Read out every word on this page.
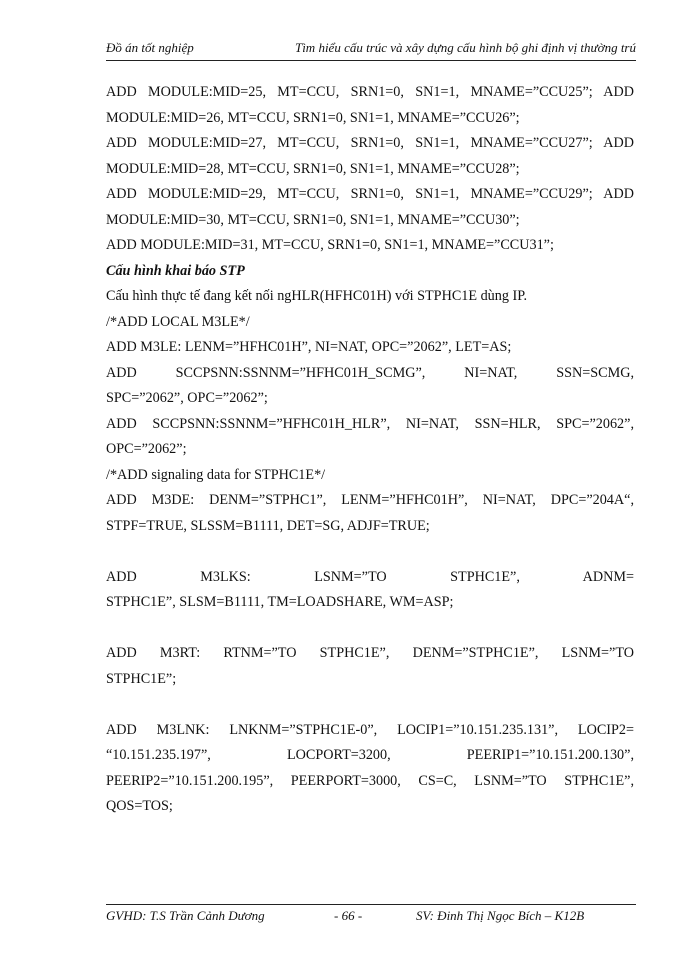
Đồ án tốt nghiệp	Tìm hiểu cấu trúc và xây dựng cấu hình bộ ghi định vị thường trú
ADD MODULE:MID=25, MT=CCU, SRN1=0, SN1=1, MNAME=”CCU25”; ADD
MODULE:MID=26, MT=CCU, SRN1=0, SN1=1, MNAME=”CCU26”;
ADD MODULE:MID=27, MT=CCU, SRN1=0, SN1=1, MNAME=”CCU27”; ADD
MODULE:MID=28, MT=CCU, SRN1=0, SN1=1, MNAME=”CCU28”;
ADD MODULE:MID=29, MT=CCU, SRN1=0, SN1=1, MNAME=”CCU29”; ADD
MODULE:MID=30, MT=CCU, SRN1=0, SN1=1, MNAME=”CCU30”;
ADD MODULE:MID=31, MT=CCU, SRN1=0, SN1=1, MNAME=”CCU31”;
Cấu hình khai báo STP
Cấu hình thực tế đang kết nối ngHLR(HFHC01H) với STPHC1E dùng IP.
/*ADD LOCAL M3LE*/
ADD M3LE: LENM=”HFHC01H”, NI=NAT, OPC=”2062”, LET=AS;
ADD SCCPSNN:SSNNM=”HFHC01H_SCMG”, NI=NAT, SSN=SCMG,
SPC=”2062”, OPC=”2062”;
ADD SCCPSNN:SSNNM=”HFHC01H_HLR”, NI=NAT, SSN=HLR, SPC=”2062”,
OPC=”2062”;
/*ADD signaling data for STPHC1E*/
ADD M3DE: DENM=”STPHC1”, LENM=”HFHC01H”, NI=NAT, DPC=”204A“,
STPF=TRUE, SLSSM=B1111, DET=SG, ADJF=TRUE;
ADD M3LKS: LSNM=”TO STPHC1E”, ADNM=
STPHC1E”, SLSM=B1111, TM=LOADSHARE, WM=ASP;
ADD M3RT: RTNM=”TO STPHC1E”, DENM=”STPHC1E”, LSNM=”TO
STPHC1E”;
ADD M3LNK: LNKNM=”STPHC1E-0”, LOCIP1=”10.151.235.131”, LOCIP2=
“10.151.235.197”, LOCPORT=3200, PEERIP1=”10.151.200.130”,
PEERIP2=”10.151.200.195”, PEERPORT=3000, CS=C, LSNM=”TO STPHC1E”,
QOS=TOS;
GVHD: T.S Trần Cảnh Dương	- 66 -	SV: Đinh Thị Ngọc Bích – K12B
